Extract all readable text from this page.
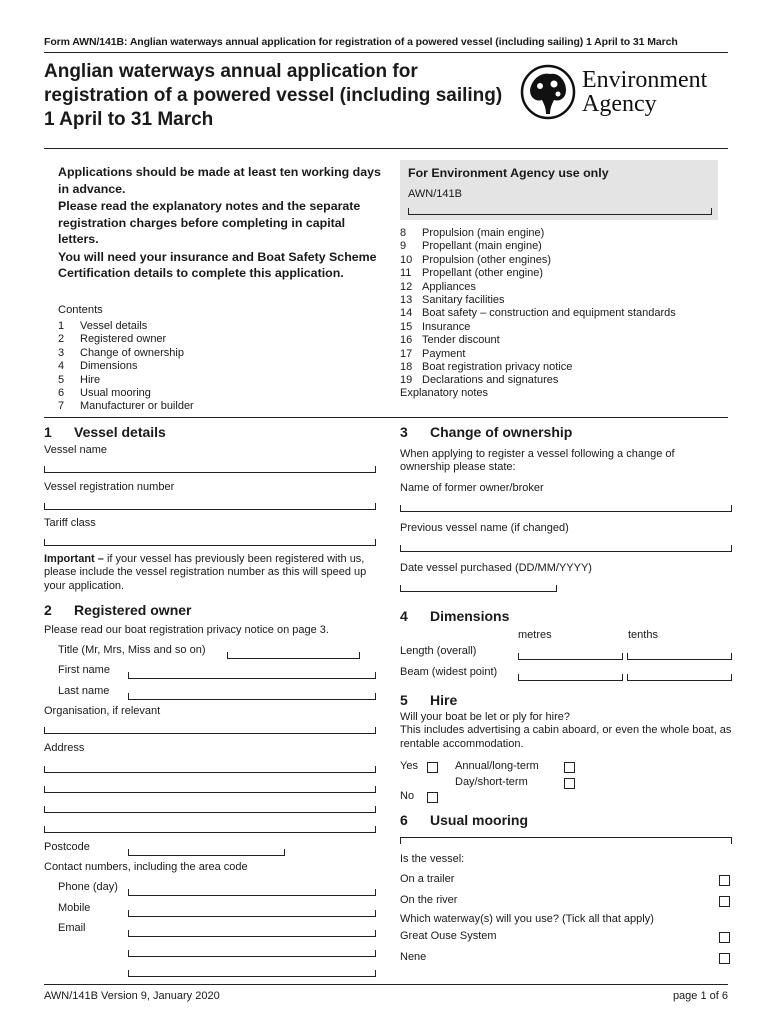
Form AWN/141B: Anglian waterways annual application for registration of a powered vessel (including sailing) 1 April to 31 March
Anglian waterways annual application for
registration of a powered vessel (including sailing)
1 April to 31 March
Environment
Agency

Applications should be made at least ten working days in advance.

Please read the explanatory notes and the separate registration charges before completing in capital letters.

You will need your insurance and Boat Safety Scheme Certification details to complete this application.

Contents
1	Vessel details
2	Registered owner
3	Change of ownership
4	Dimensions
5	Hire
6	Usual mooring
7	Manufacturer or builder
For Environment Agency use only
AWN/141B
8	Propulsion (main engine)
9	Propellant (main engine)
10 Propulsion (other engines)
11 Propellant (other engine)
12 Appliances
13 Sanitary facilities
14 Boat safety – construction and equipment standards
15 Insurance
16 Tender discount
17 Payment
18 Boat registration privacy notice
19 Declarations and signatures
Explanatory notes
1 Vessel details
Vessel name
Vessel registration number
Tariff class
Important – if your vessel has previously been registered with us, please include the vessel registration number as this will speed up your application.
2 Registered owner
Please read our boat registration privacy notice on page 3.
Title (Mr, Mrs, Miss and so on)
First name
Last name
Organisation, if relevant
Address
Postcode
Contact numbers, including the area code
Phone (day)
Mobile
Email
3 Change of ownership
When applying to register a vessel following a change of ownership please state:
Name of former owner/broker
Previous vessel name (if changed)
Date vessel purchased (DD/MM/YYYY)
4 Dimensions
metres	tenths
Length (overall)
Beam (widest point)
5 Hire
Will your boat be let or ply for hire?
This includes advertising a cabin aboard, or even the whole boat, as rentable accommodation.
Yes	Annual/long-term
Day/short-term
No
6 Usual mooring
Is the vessel:
On a trailer
On the river
Which waterway(s) will you use? (Tick all that apply)
Great Ouse System
Nene
AWN/141B Version 9, January 2020	page 1 of 6
